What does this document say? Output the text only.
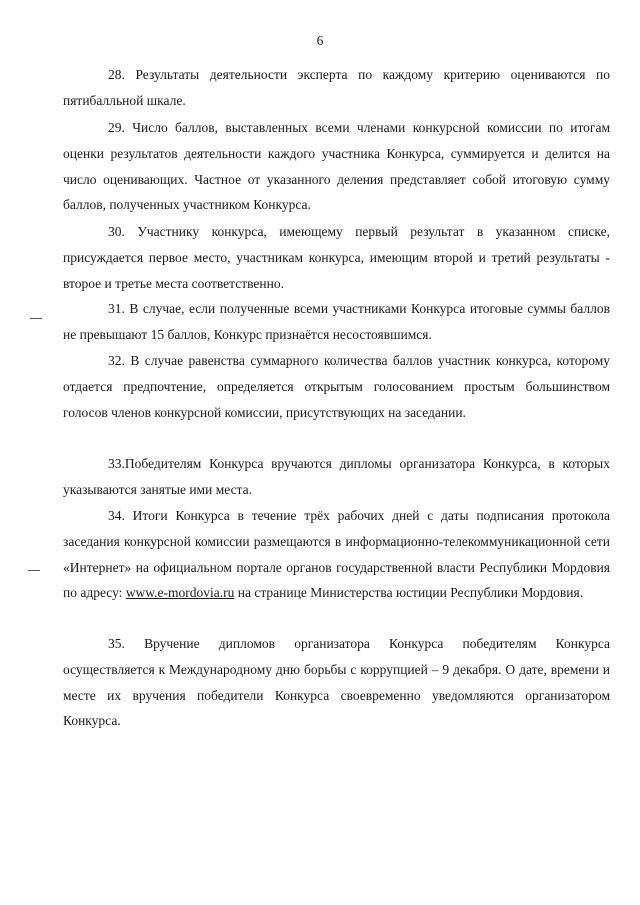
6

28. Результаты деятельности эксперта по каждому критерию оцениваются по пятибалльной шкале.

29. Число баллов, выставленных всеми членами конкурсной комиссии по итогам оценки результатов деятельности каждого участника Конкурса, суммируется и делится на число оценивающих. Частное от указанного деления представляет собой итоговую сумму баллов, полученных участником Конкурса.

30. Участнику конкурса, имеющему первый результат в указанном списке, присуждается первое место, участникам конкурса, имеющим второй и третий результаты - второе и третье места соответственно.

31. В случае, если полученные всеми участниками Конкурса итоговые суммы баллов не превышают 15 баллов, Конкурс признаётся несостоявшимся.

32. В случае равенства суммарного количества баллов участник конкурса, которому отдается предпочтение, определяется открытым голосованием простым большинством голосов членов конкурсной комиссии, присутствующих на заседании.

33.Победителям Конкурса вручаются дипломы организатора Конкурса, в которых указываются занятые ими места.

34. Итоги Конкурса в течение трёх рабочих дней с даты подписания протокола заседания конкурсной комиссии размещаются в информационно-телекоммуникационной сети «Интернет» на официальном портале органов государственной власти Республики Мордовия по адресу: www.e-mordovia.ru на странице Министерства юстиции Республики Мордовия.

35. Вручение дипломов организатора Конкурса победителям Конкурса осуществляется к Международному дню борьбы с коррупцией – 9 декабря. О дате, времени и месте их вручения победители Конкурса своевременно уведомляются организатором Конкурса.
